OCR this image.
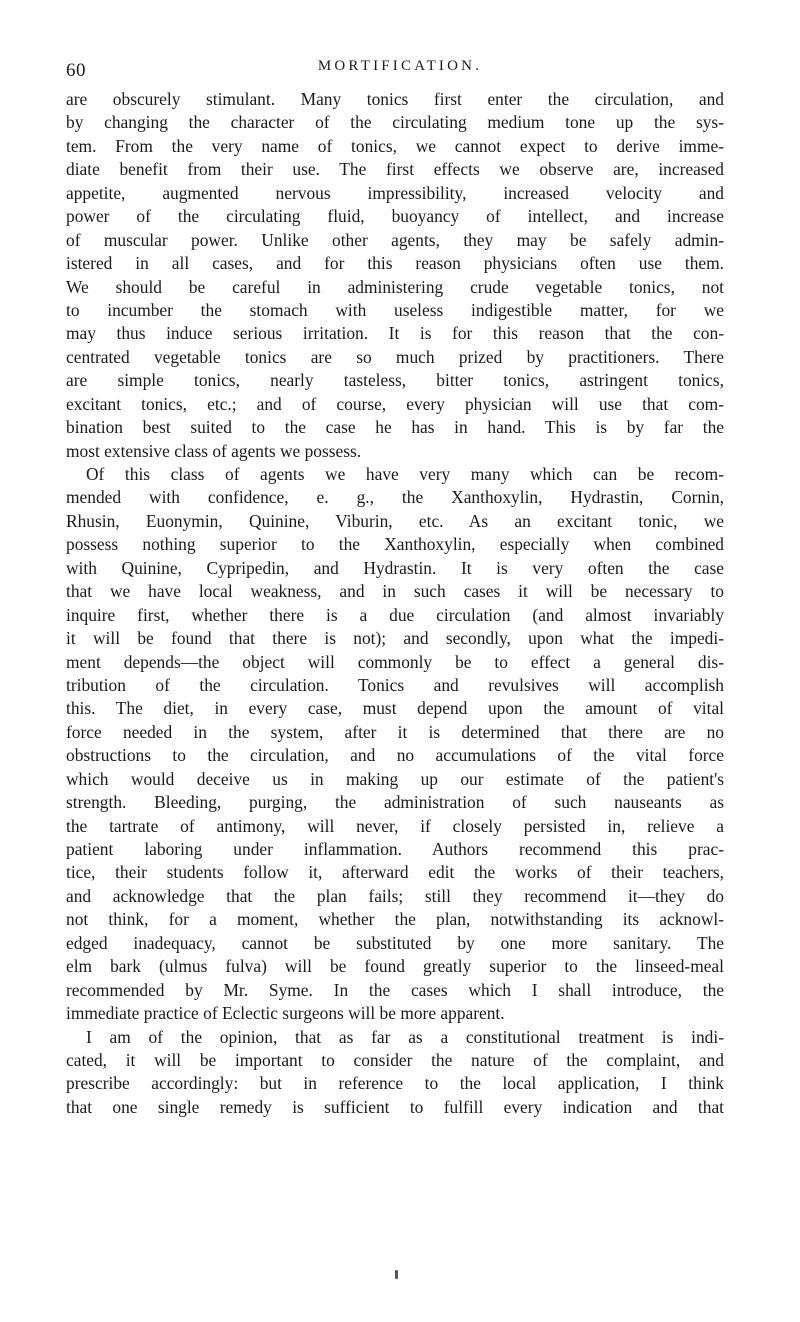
60	MORTIFICATION.
are obscurely stimulant. Many tonics first enter the circulation, and
by changing the character of the circulating medium tone up the sys-
tem. From the very name of tonics, we cannot expect to derive imme-
diate benefit from their use. The first effects we observe are, increased
appetite, augmented nervous impressibility, increased velocity and
power of the circulating fluid, buoyancy of intellect, and increase
of muscular power. Unlike other agents, they may be safely admin-
istered in all cases, and for this reason physicians often use them.
We should be careful in administering crude vegetable tonics, not
to incumber the stomach with useless indigestible matter, for we
may thus induce serious irritation. It is for this reason that the con-
centrated vegetable tonics are so much prized by practitioners. There
are simple tonics, nearly tasteless, bitter tonics, astringent tonics,
excitant tonics, etc.; and of course, every physician will use that com-
bination best suited to the case he has in hand. This is by far the
most extensive class of agents we possess.
Of this class of agents we have very many which can be recom-
mended with confidence, e. g., the Xanthoxylin, Hydrastin, Cornin,
Rhusin, Euonymin, Quinine, Viburin, etc. As an excitant tonic, we
possess nothing superior to the Xanthoxylin, especially when combined
with Quinine, Cypripedin, and Hydrastin. It is very often the case
that we have local weakness, and in such cases it will be necessary to
inquire first, whether there is a due circulation (and almost invariably
it will be found that there is not); and secondly, upon what the impedi-
ment depends—the object will commonly be to effect a general dis-
tribution of the circulation. Tonics and revulsives will accomplish
this. The diet, in every case, must depend upon the amount of vital
force needed in the system, after it is determined that there are no
obstructions to the circulation, and no accumulations of the vital force
which would deceive us in making up our estimate of the patient's
strength. Bleeding, purging, the administration of such nauseants as
the tartrate of antimony, will never, if closely persisted in, relieve a
patient laboring under inflammation. Authors recommend this prac-
tice, their students follow it, afterward edit the works of their teachers,
and acknowledge that the plan fails; still they recommend it—they do
not think, for a moment, whether the plan, notwithstanding its acknowl-
edged inadequacy, cannot be substituted by one more sanitary. The
elm bark (ulmus fulva) will be found greatly superior to the linseed-meal
recommended by Mr. Syme. In the cases which I shall introduce, the
immediate practice of Eclectic surgeons will be more apparent.
I am of the opinion, that as far as a constitutional treatment is indi-
cated, it will be important to consider the nature of the complaint, and
prescribe accordingly: but in reference to the local application, I think
that one single remedy is sufficient to fulfill every indication and that
